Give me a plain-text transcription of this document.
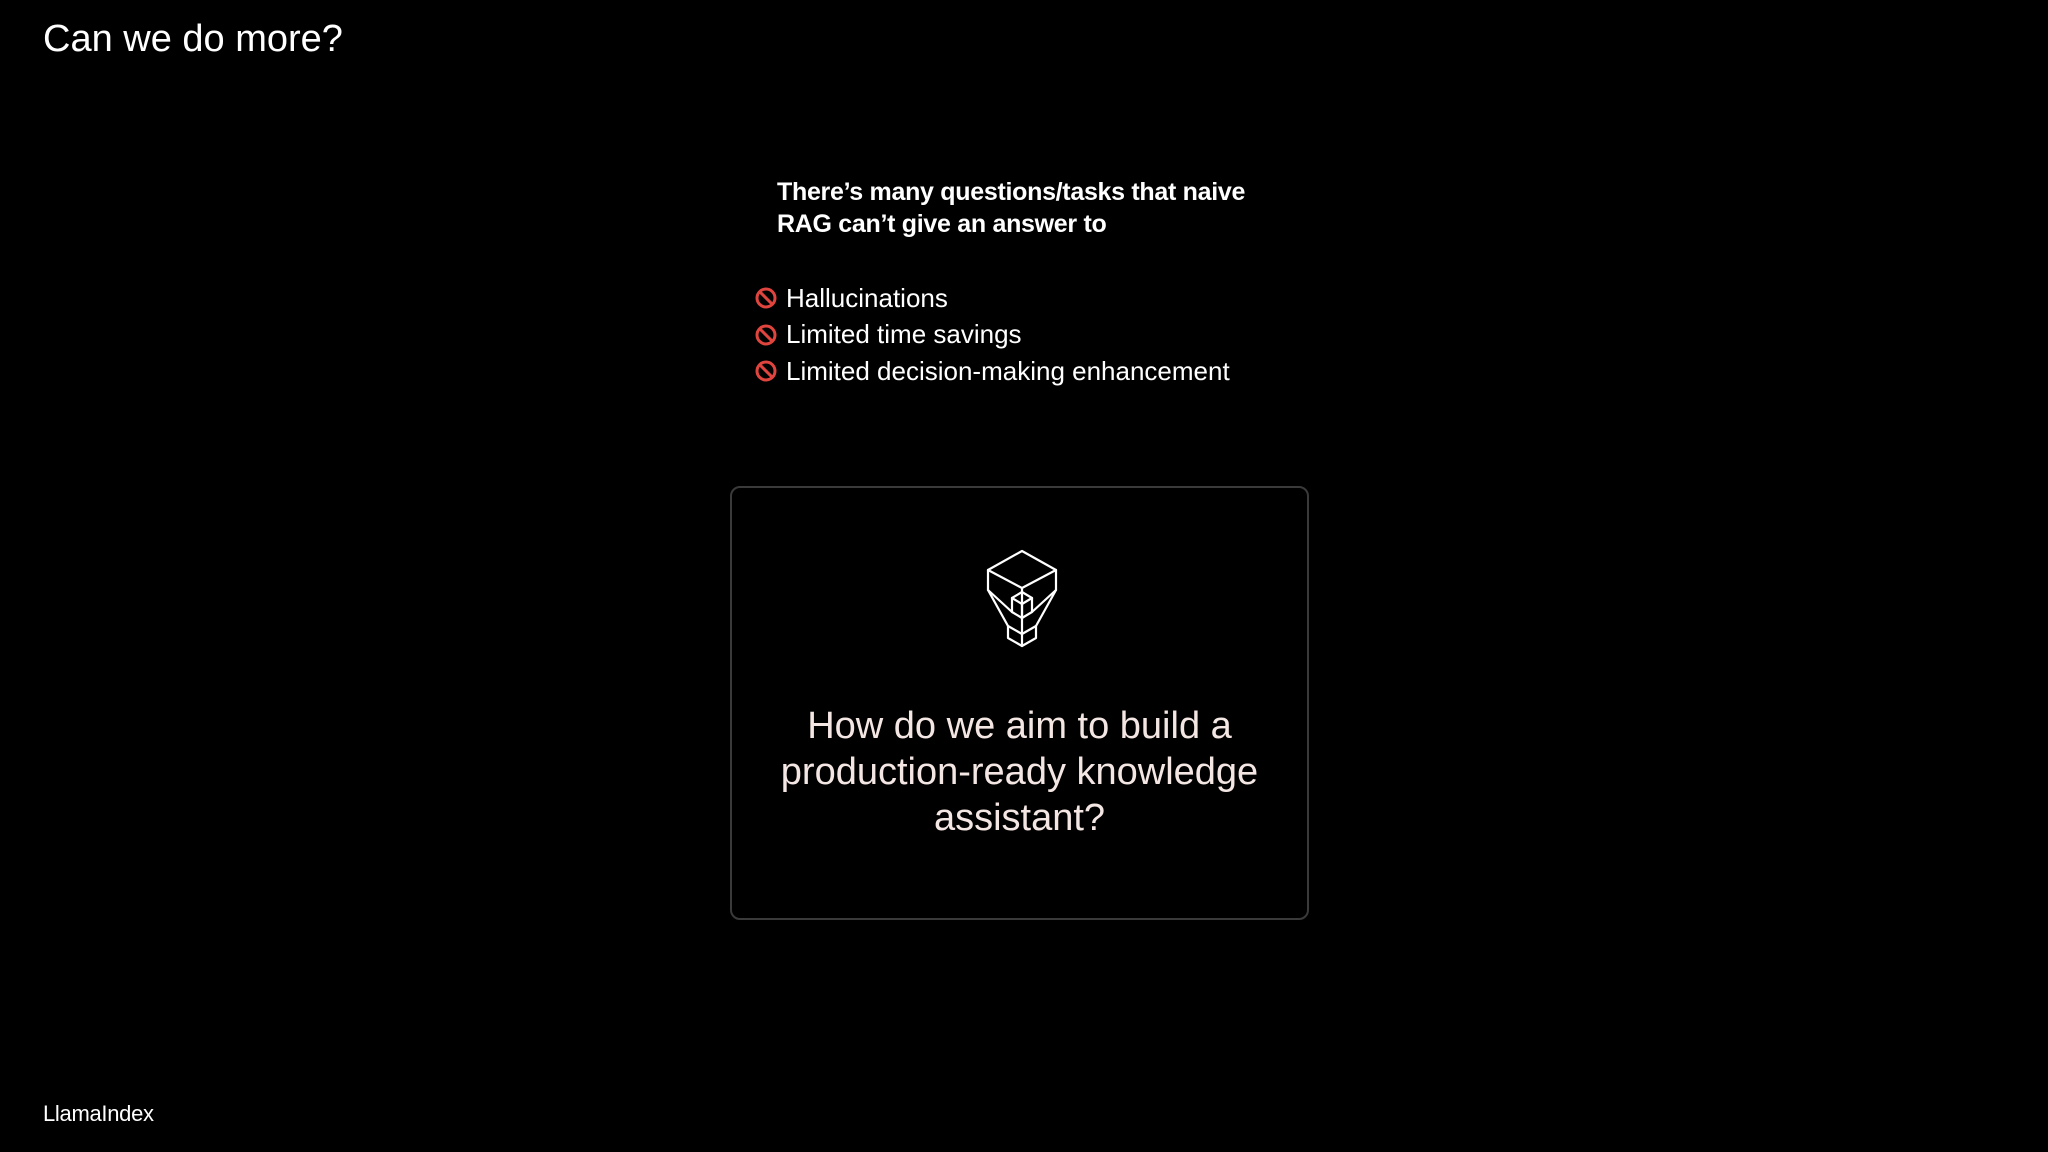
Can we do more?
There’s many questions/tasks that naive RAG can’t give an answer to
Hallucinations
Limited time savings
Limited decision-making enhancement
How do we aim to build a production-ready knowledge assistant?
LlamaIndex
